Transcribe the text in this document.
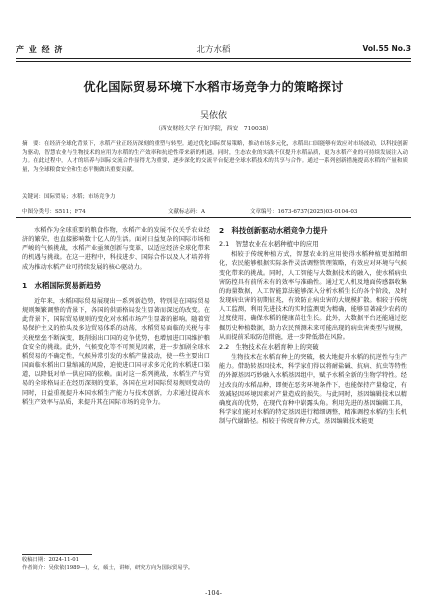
产 业 经 济	北方水稻	Vol.55 No.3
优化国际贸易环境下水稻市场竞争力的策略探讨
吴依依
（西安财经大学 行知学院，西安　710038）
摘　要：在经济全球化背景下，水稻产业正经历深刻的重塑与转型。通过优化国际贸易策略，推动市场多元化，水稻出口国能够有效应对市场波动，以科技创新为驱动，智慧农业与生物技术的应用为水稻的生产效率和抗逆性带来新的机遇。同时，生态农业的实践不仅提升水稻品质，更为水稻产业的可持续发展注入动力。在此过程中，人才的培养与国际交流合作显得尤为重要，逐步深化的交流平台促进全球水稻技术的共享与合作。通过一系列创新措施提高水稻的产量和质量，为全球粮食安全和生态平衡做出重要贡献。
关键词：国际贸易；水稻；市场竞争力
中图分类号：S511；F74	文献标志码：A	文章编号：1673-6737(2025)03-0104-03

水稻作为全球重要的粮食作物，水稻产业的发展不仅关乎农业经济的繁荣，也直接影响数十亿人的生活。面对日益复杂的国际市场和严峻的气候挑战，水稻产业亟须创新与变革，以适应经济全球化带来的机遇与挑战。在这一进程中，科技进步、国际合作以及人才培养将成为推动水稻产业可持续发展的核心驱动力。

1　水稻国际贸易新趋势

近年来，水稻国际贸易展现出一系列新趋势，特别是在国际贸易规则频繁调整的背景下，各国的供需格局发生显著而深远的改变。在此背景下，国际贸易规则的变化对水稻市场产生显著的影响。随着贸易保护主义的抬头及多边贸易体系的动荡，水稻贸易面临的关税与非关税壁垒不断演变，既削弱出口国的竞争优势，也增加进口国维护粮食安全的挑战。此外，气候变化等不可预见因素，进一步加剧全球水稻贸易的不确定性，气候异常引发的水稻产量波动，使一些主要出口国面临水稻出口量缩减的风险，迫使进口国寻求多元化的水稻进口渠道，以降低对单一供应国的依赖。面对这一系列挑战，水稻生产与贸易的全球格局正在经历深刻的变革，各国在应对国际贸易规则变动的同时，日益重视提升本国水稻生产能力与技术创新，力求通过提高水稻生产效率与品质，来提升其在国际市场的竞争力。

2　科技创新驱动水稻竞争力提升
2.1　智慧农业在水稻种植中的应用

相较于传统种植方式，智慧农业的应用使得水稻种植更加精细化，农民能够根据实际条件灵活调整管理策略，有效应对环境与气候变化带来的挑战。同时，人工智能与大数据技术的融入，使水稻病虫害防控具有前所未有的效率与准确性。通过无人机及地面传感器收集的海量数据，人工智能算法能够深入分析水稻生长的各个阶段，及时发现病虫害的初期征兆，有效防止病虫害的大规模扩散。相较于传统人工监测，利用先进技术的实时监测更为精确，能够显著减少农药的过度使用，确保水稻的健康苗壮生长。此外，大数据平台还能通过挖掘历史种植数据，助力农民预测未来可能出现的病虫害类型与规模，从而提前采取防范措施，进一步降低潜在风险。

2.2　生物技术在水稻育种上的突破

生物技术在水稻育种上的突破，极大地提升水稻的抗逆性与生产能力。借助转基因技术，科学家们得以将耐盐碱、抗病、抗虫等特性的外源基因巧妙融入水稻基因组中，赋予水稻全新的生物学特性。经过改良的水稻品种，即便在恶劣环境条件下，也能保持产量稳定，有效减轻因环境因素对产量造成的损失。与此同时，基因编辑技术以精确度高的优势，在现代育种中崭露头角。利用先进的基因编辑工具，科学家们能对水稻的特定基因进行精细调整，精准调控水稻的生长机制与代谢路径。相较于传统育种方式，基因编辑技术能更

收稿日期：2024-11-01
作者简介：吴依依(1989—)，女，硕士，讲师，研究方向为国际贸易学。
-104-
